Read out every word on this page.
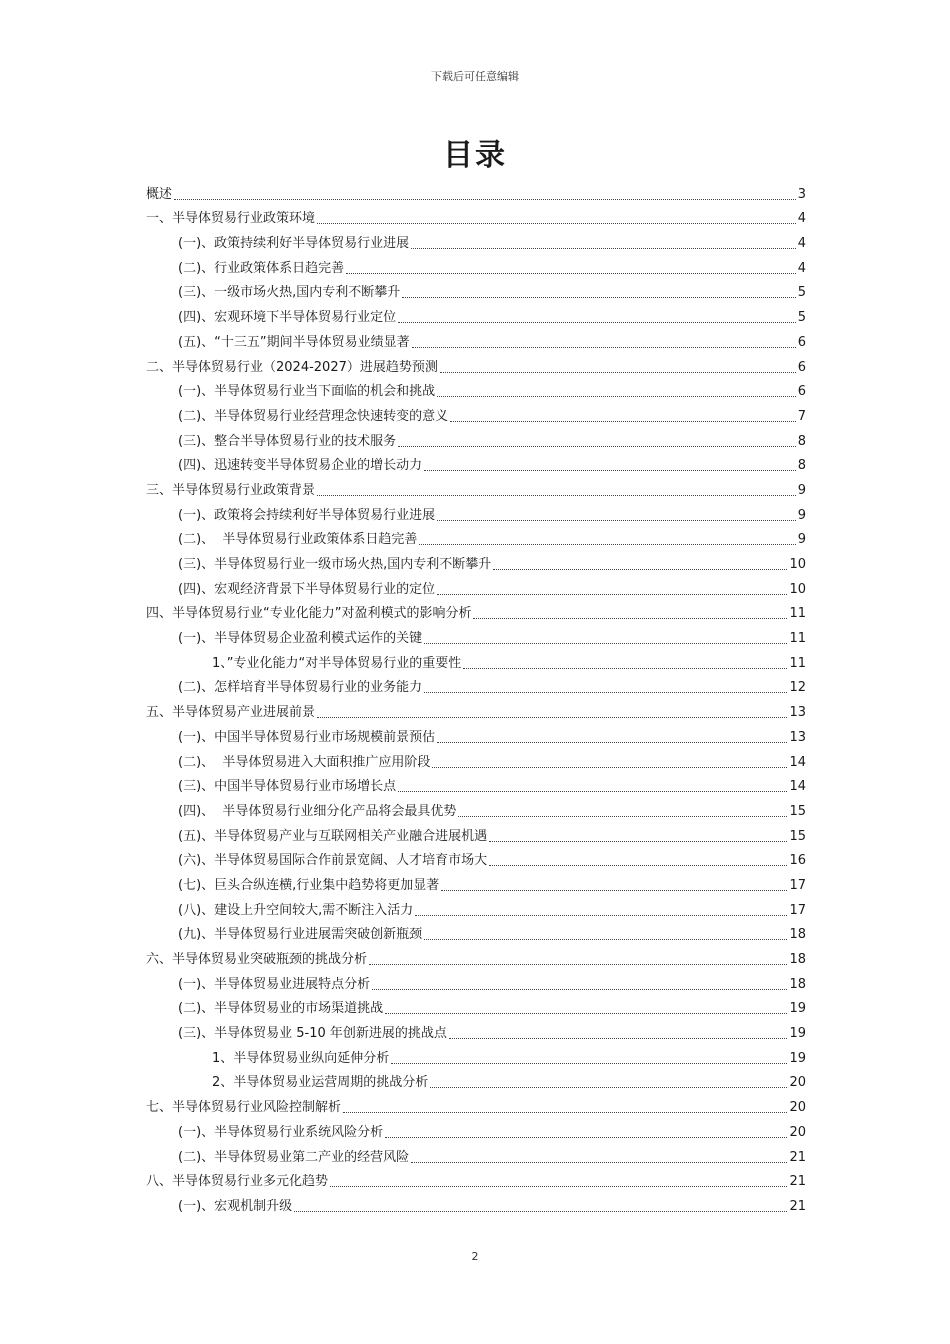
下载后可任意编辑
目录
概述	3
一、半导体贸易行业政策环境	4
(一)、政策持续利好半导体贸易行业进展	4
(二)、行业政策体系日趋完善	4
(三)、一级市场火热,国内专利不断攀升	5
(四)、宏观环境下半导体贸易行业定位	5
(五)、“十三五”期间半导体贸易业绩显著	6
二、半导体贸易行业（2024-2027）进展趋势预测	6
(一)、半导体贸易行业当下面临的机会和挑战	6
(二)、半导体贸易行业经营理念快速转变的意义	7
(三)、整合半导体贸易行业的技术服务	8
(四)、迅速转变半导体贸易企业的增长动力	8
三、半导体贸易行业政策背景	9
(一)、政策将会持续利好半导体贸易行业进展	9
(二)、  半导体贸易行业政策体系日趋完善	9
(三)、半导体贸易行业一级市场火热,国内专利不断攀升	10
(四)、宏观经济背景下半导体贸易行业的定位	10
四、半导体贸易行业“专业化能力”对盈利模式的影响分析	11
(一)、半导体贸易企业盈利模式运作的关键	11
1、”专业化能力“对半导体贸易行业的重要性	11
(二)、怎样培育半导体贸易行业的业务能力	12
五、半导体贸易产业进展前景	13
(一)、中国半导体贸易行业市场规模前景预估	13
(二)、  半导体贸易进入大面积推广应用阶段	14
(三)、中国半导体贸易行业市场增长点	14
(四)、  半导体贸易行业细分化产品将会最具优势	15
(五)、半导体贸易产业与互联网相关产业融合进展机遇	15
(六)、半导体贸易国际合作前景宽阔、人才培育市场大	16
(七)、巨头合纵连横,行业集中趋势将更加显著	17
(八)、建设上升空间较大,需不断注入活力	17
(九)、半导体贸易行业进展需突破创新瓶颈	18
六、半导体贸易业突破瓶颈的挑战分析	18
(一)、半导体贸易业进展特点分析	18
(二)、半导体贸易业的市场渠道挑战	19
(三)、半导体贸易业 5-10 年创新进展的挑战点	19
1、半导体贸易业纵向延伸分析	19
2、半导体贸易业运营周期的挑战分析	20
七、半导体贸易行业风险控制解析	20
(一)、半导体贸易行业系统风险分析	20
(二)、半导体贸易业第二产业的经营风险	21
八、半导体贸易行业多元化趋势	21
(一)、宏观机制升级	21
2
